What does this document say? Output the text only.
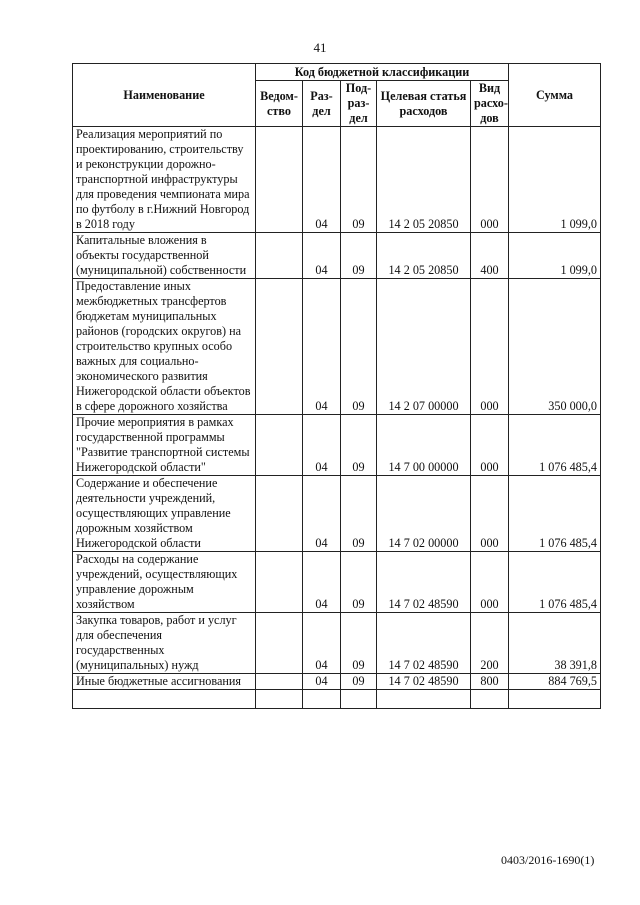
41
Наименование	Код бюджетной классификации					Сумма
	Ведом-ство	Раз-дел	Под-раз-дел	Целевая статья расходов	Вид расхо-дов	
Реализация мероприятий по проектированию, строительству и реконструкции дорожно-транспортной инфраструктуры для проведения чемпионата мира по футболу в г.Нижний Новгород в 2018 году		04	09	14 2 05 20850	000	1 099,0
Капитальные вложения в объекты государственной (муниципальной) собственности		04	09	14 2 05 20850	400	1 099,0
Предоставление иных межбюджетных трансфертов бюджетам муниципальных районов (городских округов) на строительство крупных особо важных для социально-экономического развития Нижегородской области объектов в сфере дорожного хозяйства		04	09	14 2 07 00000	000	350 000,0
Прочие мероприятия в рамках государственной программы "Развитие транспортной системы Нижегородской области"		04	09	14 7 00 00000	000	1 076 485,4
Содержание и обеспечение деятельности учреждений, осуществляющих управление дорожным хозяйством Нижегородской области		04	09	14 7 02 00000	000	1 076 485,4
Расходы на содержание учреждений, осуществляющих управление дорожным хозяйством		04	09	14 7 02 48590	000	1 076 485,4
Закупка товаров, работ и услуг для обеспечения государственных (муниципальных) нужд		04	09	14 7 02 48590	200	38 391,8
Иные бюджетные ассигнования		04	09	14 7 02 48590	800	884 769,5

0403/2016-1690(1)
